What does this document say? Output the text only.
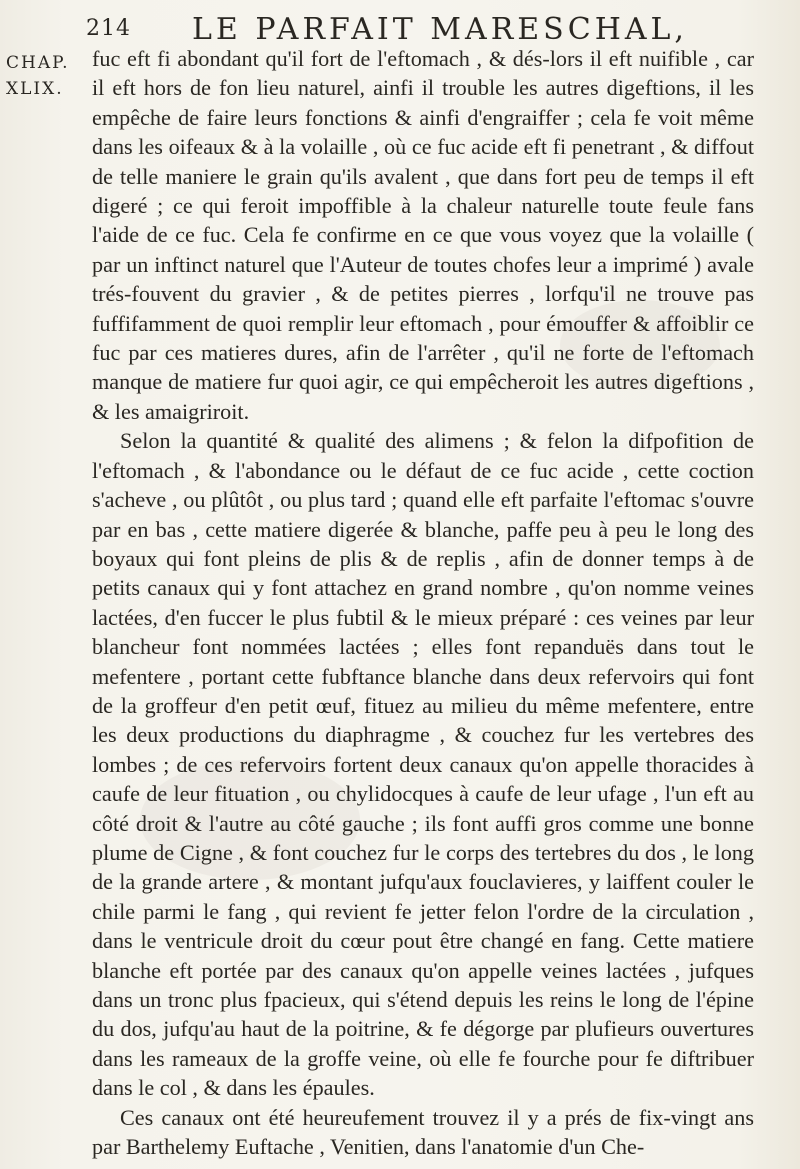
214 LE PARFAIT MARESCHAL,
CHAP.
XLIX.

fuc eft fi abondant qu'il fort de l'eftomach , & dés-lors il eft nuifible , car il eft hors de fon lieu naturel, ainfi il trouble les autres digeftions, il les empêche de faire leurs fonctions & ainfi d'engraiffer ; cela fe voit même dans les oifeaux & à la volaille , où ce fuc acide eft fi penetrant , & diffout de telle maniere le grain qu'ils avalent , que dans fort peu de temps il eft digeré ; ce qui feroit impoffible à la chaleur naturelle toute feule fans l'aide de ce fuc. Cela fe confirme en ce que vous voyez que la volaille ( par un inftinct naturel que l'Auteur de toutes chofes leur a imprimé ) avale trés-fouvent du gravier , & de petites pierres , lorfqu'il ne trouve pas fuffifamment de quoi remplir leur eftomach , pour émouffer & affoiblir ce fuc par ces matieres dures, afin de l'arrêter , qu'il ne forte de l'eftomach manque de matiere fur quoi agir, ce qui empêcheroit les autres digeftions , & les amaigriroit.

Selon la quantité & qualité des alimens ; & felon la difpofition de l'eftomach , & l'abondance ou le défaut de ce fuc acide , cette coction s'acheve , ou plûtôt , ou plus tard ; quand elle eft parfaite l'eftomac s'ouvre par en bas , cette matiere digerée & blanche, paffe peu à peu le long des boyaux qui font pleins de plis & de replis , afin de donner temps à de petits canaux qui y font attachez en grand nombre , qu'on nomme veines lactées, d'en fuccer le plus fubtil & le mieux préparé : ces veines par leur blancheur font nommées lactées ; elles font repanduës dans tout le mefentere , portant cette fubftance blanche dans deux refervoirs qui font de la groffeur d'en petit œuf, fituez au milieu du même mefentere, entre les deux productions du diaphragme , & couchez fur les vertebres des lombes ; de ces refervoirs fortent deux canaux qu'on appelle thoracides à caufe de leur fituation , ou chylidocques à caufe de leur ufage , l'un eft au côté droit & l'autre au côté gauche ; ils font auffi gros comme une bonne plume de Cigne , & font couchez fur le corps des tertebres du dos , le long de la grande artere , & montant jufqu'aux fouclavieres, y laiffent couler le chile parmi le fang , qui revient fe jetter felon l'ordre de la circulation , dans le ventricule droit du cœur pout être changé en fang. Cette matiere blanche eft portée par des canaux qu'on appelle veines lactées , jufques dans un tronc plus fpacieux, qui s'étend depuis les reins le long de l'épine du dos, jufqu'au haut de la poitrine, & fe dégorge par plufieurs ouvertures dans les rameaux de la groffe veine, où elle fe fourche pour fe diftribuer dans le col , & dans les épaules.

Ces canaux ont été heureufement trouvez il y a prés de fix-vingt ans par Barthelemy Euftache , Venitien, dans l'anatomie d'un Che-
